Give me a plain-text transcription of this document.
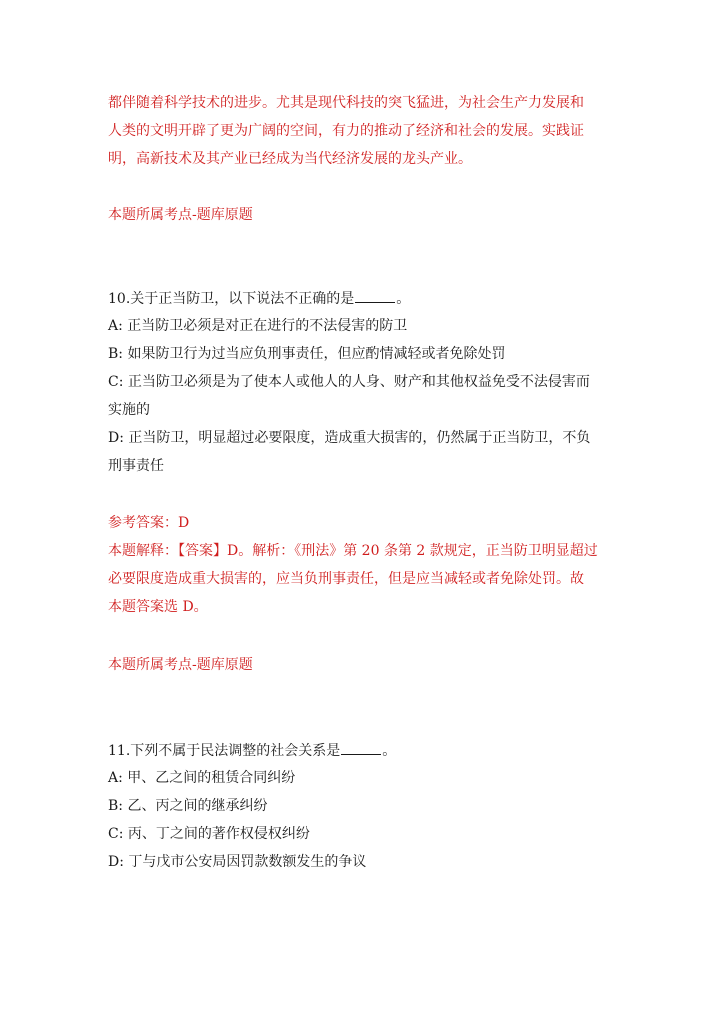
都伴随着科学技术的进步。尤其是现代科技的突飞猛进，为社会生产力发展和
人类的文明开辟了更为广阔的空间，有力的推动了经济和社会的发展。实践证
明，高新技术及其产业已经成为当代经济发展的龙头产业。
本题所属考点-题库原题
10.关于正当防卫，以下说法不正确的是	。
A: 正当防卫必须是对正在进行的不法侵害的防卫
B: 如果防卫行为过当应负刑事责任，但应酌情减轻或者免除处罚
C: 正当防卫必须是为了使本人或他人的人身、财产和其他权益免受不法侵害而
实施的
D: 正当防卫，明显超过必要限度，造成重大损害的，仍然属于正当防卫，不负
刑事责任
参考答案：D
本题解释：【答案】D。解析：《刑法》第 20 条第 2 款规定，正当防卫明显超过
必要限度造成重大损害的，应当负刑事责任，但是应当减轻或者免除处罚。故
本题答案选 D。
本题所属考点-题库原题
11.下列不属于民法调整的社会关系是	。
A: 甲、乙之间的租赁合同纠纷
B: 乙、丙之间的继承纠纷
C: 丙、丁之间的著作权侵权纠纷
D: 丁与戊市公安局因罚款数额发生的争议
